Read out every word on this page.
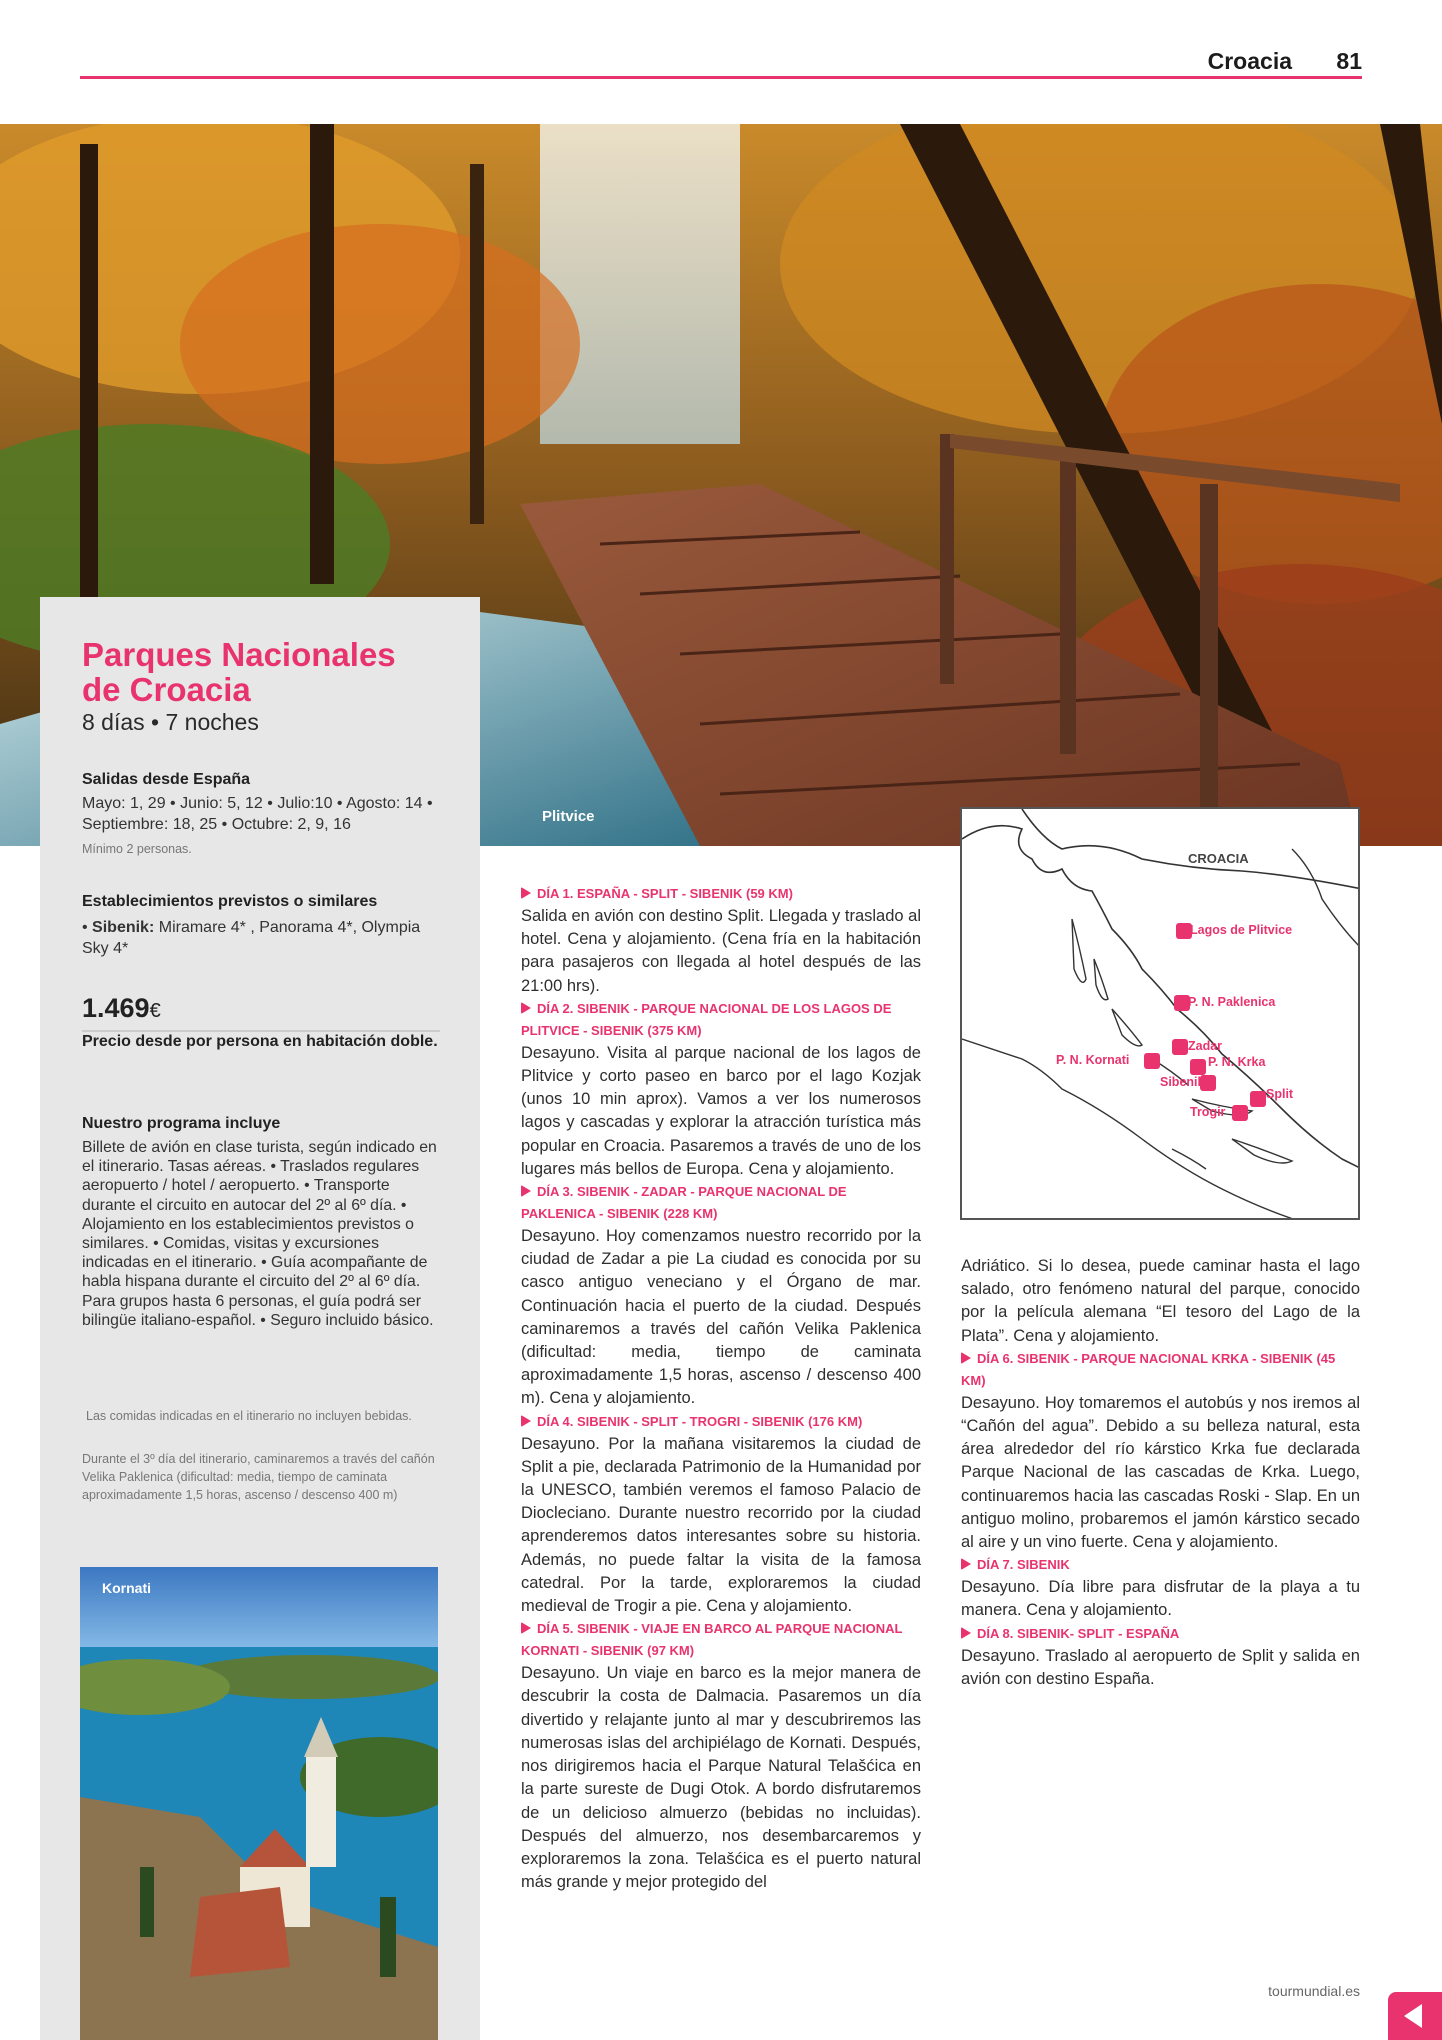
Croacia 81
Plitvice
Parques Nacionales
de Croacia
8 días • 7 noches
Salidas desde España
Mayo: 1, 29 • Junio: 5, 12 • Julio:10 • Agosto: 14 • Septiembre: 18, 25 • Octubre: 2, 9, 16
Mínimo 2 personas.
Establecimientos previstos o similares
• Sibenik: Miramare 4* , Panorama 4*, Olympia Sky 4*
1.469€
Precio desde por persona en habitación doble.
Nuestro programa incluye
Billete de avión en clase turista, según indicado en el itinerario. Tasas aéreas. • Traslados regulares aeropuerto / hotel / aeropuerto. • Transporte durante el circuito en autocar del 2º al 6º día. • Alojamiento en los establecimientos previstos o similares. • Comidas, visitas y excursiones indicadas en el itinerario. • Guía acompañante de habla hispana durante el circuito del 2º al 6º día. Para grupos hasta 6 personas, el guía podrá ser bilingüe italiano-español. • Seguro incluido básico.
Las comidas indicadas en el itinerario no incluyen bebidas.
Durante el 3º día del itinerario, caminaremos a través del cañón Velika Paklenica (dificultad: media, tiempo de caminata aproximadamente 1,5 horas, ascenso / descenso 400 m)
Kornati
DÍA 1. ESPAÑA - SPLIT - SIBENIK (59 KM)
Salida en avión con destino Split. Llegada y traslado al hotel. Cena y alojamiento. (Cena fría en la habitación para pasajeros con llegada al hotel después de las 21:00 hrs).
DÍA 2. SIBENIK - PARQUE NACIONAL DE LOS LAGOS DE PLITVICE - SIBENIK (375 KM)
Desayuno. Visita al parque nacional de los lagos de Plitvice y corto paseo en barco por el lago Kozjak (unos 10 min aprox). Vamos a ver los numerosos lagos y cascadas y explorar la atracción turística más popular en Croacia. Pasaremos a través de uno de los lugares más bellos de Europa. Cena y alojamiento.
DÍA 3. SIBENIK - ZADAR - PARQUE NACIONAL DE PAKLENICA - SIBENIK (228 KM)
Desayuno. Hoy comenzamos nuestro recorrido por la ciudad de Zadar a pie La ciudad es conocida por su casco antiguo veneciano y el Órgano de mar. Continuación hacia el puerto de la ciudad. Después caminaremos a través del cañón Velika Paklenica (dificultad: media, tiempo de caminata aproximadamente 1,5 horas, ascenso / descenso 400 m). Cena y alojamiento.
DÍA 4. SIBENIK - SPLIT - TROGRI - SIBENIK (176 KM)
Desayuno. Por la mañana visitaremos la ciudad de Split a pie, declarada Patrimonio de la Humanidad por la UNESCO, también veremos el famoso Palacio de Diocleciano. Durante nuestro recorrido por la ciudad aprenderemos datos interesantes sobre su historia. Además, no puede faltar la visita de la famosa catedral. Por la tarde, exploraremos la ciudad medieval de Trogir a pie. Cena y alojamiento.
DÍA 5. SIBENIK - VIAJE EN BARCO AL PARQUE NACIONAL KORNATI - SIBENIK (97 KM)
Desayuno. Un viaje en barco es la mejor manera de descubrir la costa de Dalmacia. Pasaremos un día divertido y relajante junto al mar y descubriremos las numerosas islas del archipiélago de Kornati. Después, nos dirigiremos hacia el Parque Natural Telašćica en la parte sureste de Dugi Otok. A bordo disfrutaremos de un delicioso almuerzo (bebidas no incluidas). Después del almuerzo, nos desembarcaremos y exploraremos la zona. Telašćica es el puerto natural más grande y mejor protegido del
CROACIA
Lagos de Plitvice
P. N. Paklenica
Zadar
P. N. Kornati	P. N. Krka
Sibenik
Split
Trogir
Adriático. Si lo desea, puede caminar hasta el lago salado, otro fenómeno natural del parque, conocido por la película alemana “El tesoro del Lago de la Plata”. Cena y alojamiento.
DÍA 6. SIBENIK - PARQUE NACIONAL KRKA - SIBENIK (45 KM)
Desayuno. Hoy tomaremos el autobús y nos iremos al “Cañón del agua”. Debido a su belleza natural, esta área alrededor del río kárstico Krka fue declarada Parque Nacional de las cascadas de Krka. Luego, continuaremos hacia las cascadas Roski - Slap. En un antiguo molino, probaremos el jamón kárstico secado al aire y un vino fuerte. Cena y alojamiento.
DÍA 7. SIBENIK
Desayuno. Día libre para disfrutar de la playa a tu manera. Cena y alojamiento.
DÍA 8. SIBENIK- SPLIT - ESPAÑA
Desayuno. Traslado al aeropuerto de Split y salida en avión con destino España.
tourmundial.es
